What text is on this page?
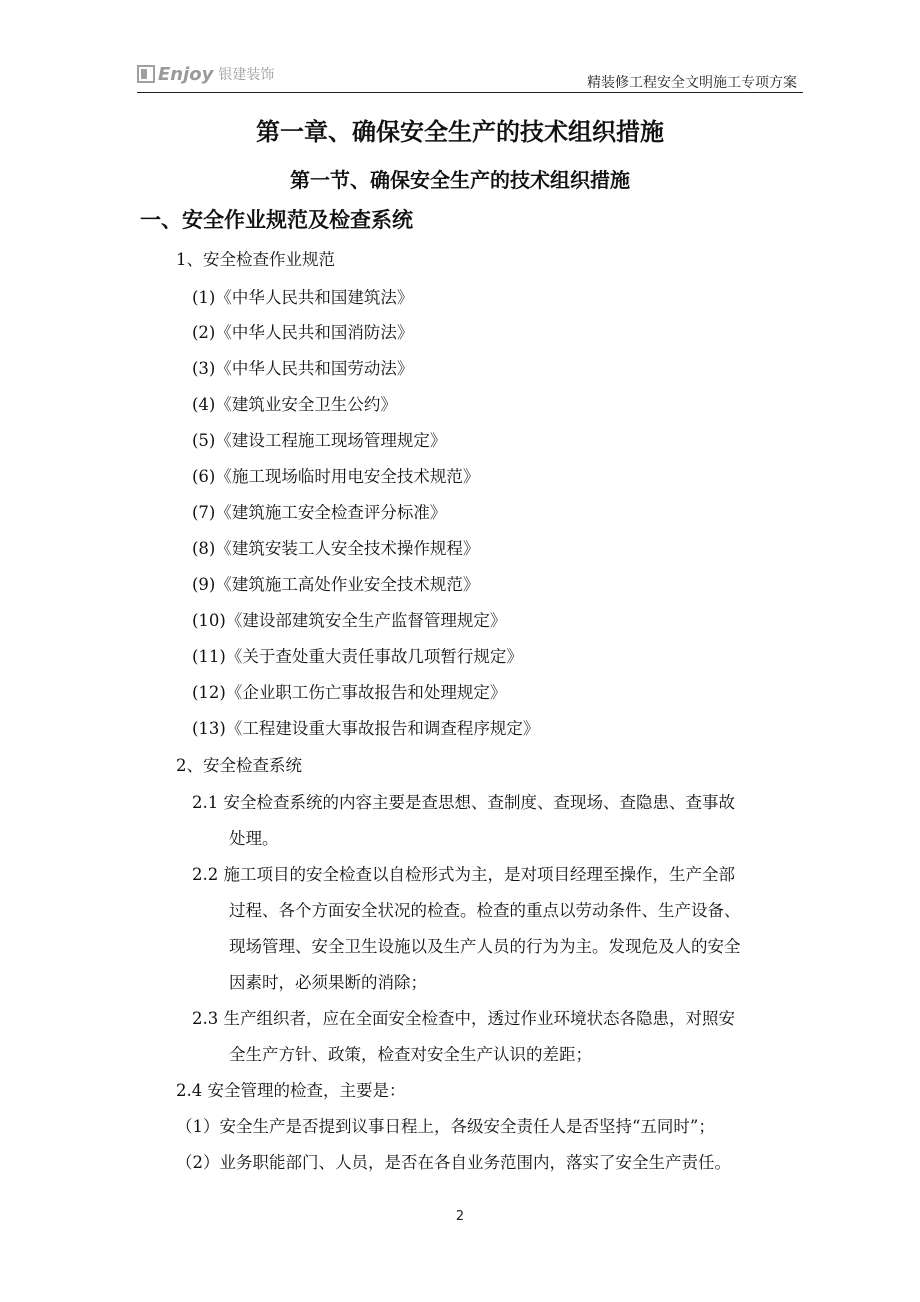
Enjoy 银建装饰	精装修工程安全文明施工专项方案
第一章、确保安全生产的技术组织措施
第一节、确保安全生产的技术组织措施
一、安全作业规范及检查系统
1、安全检查作业规范
(1)《中华人民共和国建筑法》
(2)《中华人民共和国消防法》
(3)《中华人民共和国劳动法》
(4)《建筑业安全卫生公约》
(5)《建设工程施工现场管理规定》
(6)《施工现场临时用电安全技术规范》
(7)《建筑施工安全检查评分标准》
(8)《建筑安装工人安全技术操作规程》
(9)《建筑施工高处作业安全技术规范》
(10)《建设部建筑安全生产监督管理规定》
(11)《关于查处重大责任事故几项暂行规定》
(12)《企业职工伤亡事故报告和处理规定》
(13)《工程建设重大事故报告和调查程序规定》
2、安全检查系统
2.1 安全检查系统的内容主要是查思想、查制度、查现场、查隐患、查事故
处理。
2.2 施工项目的安全检查以自检形式为主，是对项目经理至操作，生产全部
过程、各个方面安全状况的检查。检查的重点以劳动条件、生产设备、
现场管理、安全卫生设施以及生产人员的行为为主。发现危及人的安全
因素时，必须果断的消除；
2.3 生产组织者，应在全面安全检查中，透过作业环境状态各隐患，对照安
全生产方针、政策，检查对安全生产认识的差距；
2.4 安全管理的检查，主要是：
（1）安全生产是否提到议事日程上，各级安全责任人是否坚持“五同时”；
（2）业务职能部门、人员，是否在各自业务范围内，落实了安全生产责任。
2
